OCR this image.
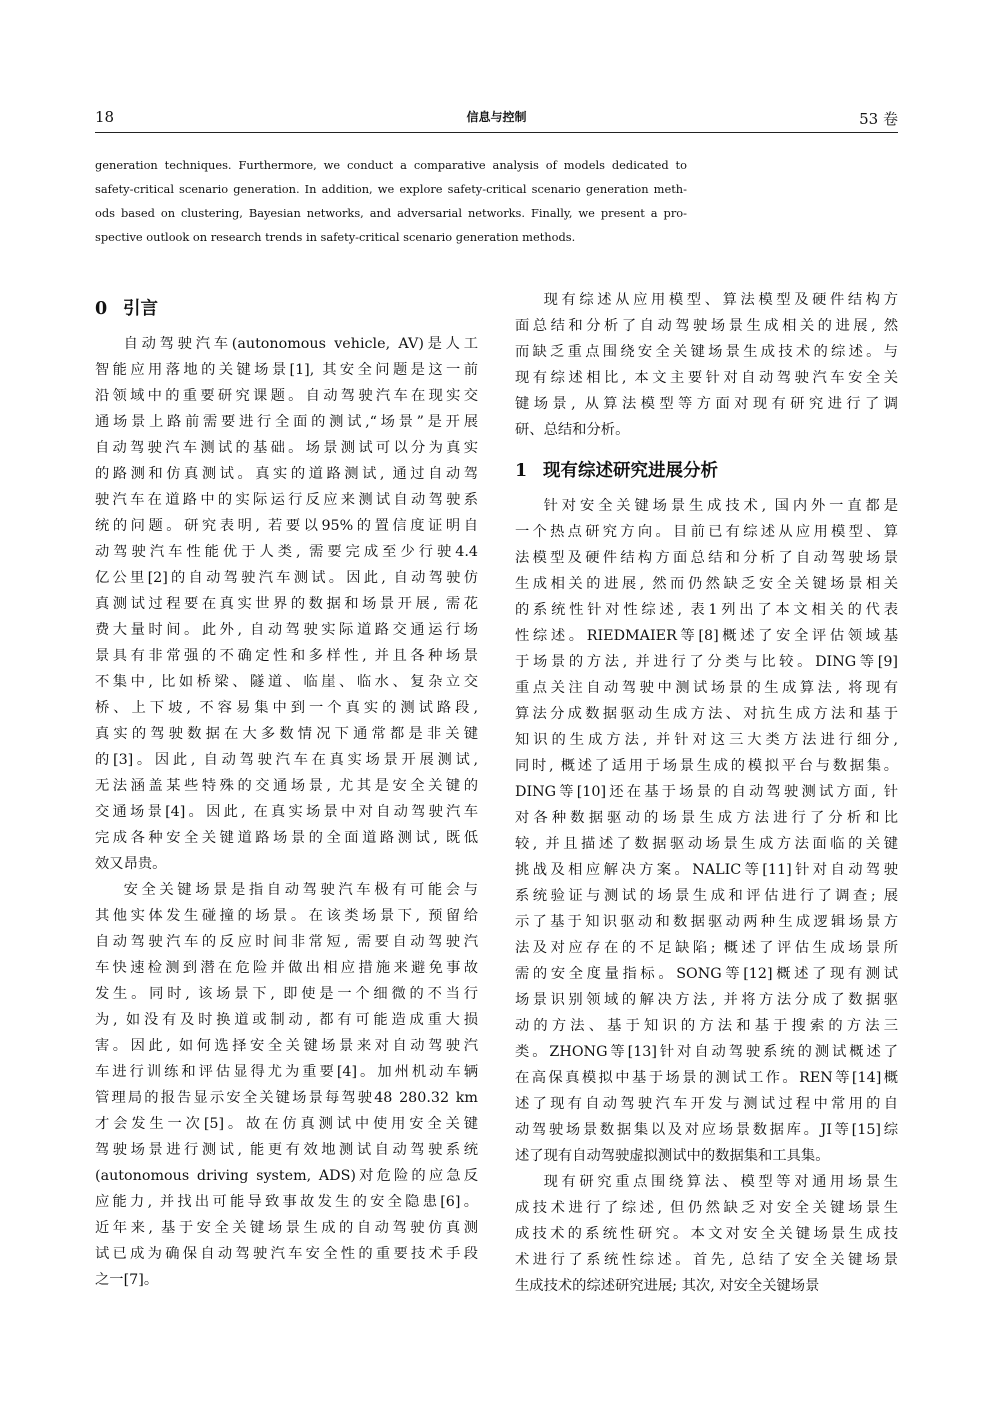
18	信息与控制	53 卷
generation techniques. Furthermore, we conduct a comparative analysis of models dedicated to
safety-critical scenario generation. In addition, we explore safety-critical scenario generation meth-
ods based on clustering, Bayesian networks, and adversarial networks. Finally, we present a pro-
spective outlook on research trends in safety-critical scenario generation methods.
0 引言
自动驾驶汽车(autonomous vehicle, AV)是人工
智能应用落地的关键场景[1], 其安全问题是这一前
沿领域中的重要研究课题。自动驾驶汽车在现实交
通场景上路前需要进行全面的测试,“场景”是开展
自动驾驶汽车测试的基础。场景测试可以分为真实
的路测和仿真测试。真实的道路测试, 通过自动驾
驶汽车在道路中的实际运行反应来测试自动驾驶系
统的问题。研究表明, 若要以95%的置信度证明自
动驾驶汽车性能优于人类, 需要完成至少行驶4.4
亿公里[2]的自动驾驶汽车测试。因此, 自动驾驶仿
真测试过程要在真实世界的数据和场景开展, 需花
费大量时间。此外, 自动驾驶实际道路交通运行场
景具有非常强的不确定性和多样性, 并且各种场景
不集中, 比如桥梁、隧道、临崖、临水、复杂立交
桥、上下坡, 不容易集中到一个真实的测试路段,
真实的驾驶数据在大多数情况下通常都是非关键
的[3]。因此, 自动驾驶汽车在真实场景开展测试,
无法涵盖某些特殊的交通场景, 尤其是安全关键的
交通场景[4]。因此, 在真实场景中对自动驾驶汽车
完成各种安全关键道路场景的全面道路测试, 既低
效又昂贵。
安全关键场景是指自动驾驶汽车极有可能会与
其他实体发生碰撞的场景。在该类场景下, 预留给
自动驾驶汽车的反应时间非常短, 需要自动驾驶汽
车快速检测到潜在危险并做出相应措施来避免事故
发生。同时, 该场景下, 即使是一个细微的不当行
为, 如没有及时换道或制动, 都有可能造成重大损
害。因此, 如何选择安全关键场景来对自动驾驶汽
车进行训练和评估显得尤为重要[4]。加州机动车辆
管理局的报告显示安全关键场景每驾驶48 280.32 km
才会发生一次[5]。故在仿真测试中使用安全关键
驾驶场景进行测试, 能更有效地测试自动驾驶系统
(autonomous driving system, ADS)对危险的应急反
应能力, 并找出可能导致事故发生的安全隐患[6]。
近年来, 基于安全关键场景生成的自动驾驶仿真测
试已成为确保自动驾驶汽车安全性的重要技术手段
之一[7]。
现有综述从应用模型、算法模型及硬件结构方
面总结和分析了自动驾驶场景生成相关的进展, 然
而缺乏重点围绕安全关键场景生成技术的综述。与
现有综述相比, 本文主要针对自动驾驶汽车安全关
键场景, 从算法模型等方面对现有研究进行了调
研、总结和分析。
1 现有综述研究进展分析
针对安全关键场景生成技术, 国内外一直都是
一个热点研究方向。目前已有综述从应用模型、算
法模型及硬件结构方面总结和分析了自动驾驶场景
生成相关的进展, 然而仍然缺乏安全关键场景相关
的系统性针对性综述, 表1列出了本文相关的代表
性综述。RIEDMAIER等[8]概述了安全评估领域基
于场景的方法, 并进行了分类与比较。DING等[9]
重点关注自动驾驶中测试场景的生成算法, 将现有
算法分成数据驱动生成方法、对抗生成方法和基于
知识的生成方法, 并针对这三大类方法进行细分,
同时, 概述了适用于场景生成的模拟平台与数据集。
DING等[10]还在基于场景的自动驾驶测试方面, 针
对各种数据驱动的场景生成方法进行了分析和比
较, 并且描述了数据驱动场景生成方法面临的关键
挑战及相应解决方案。NALIC等[11]针对自动驾驶
系统验证与测试的场景生成和评估进行了调查; 展
示了基于知识驱动和数据驱动两种生成逻辑场景方
法及对应存在的不足缺陷; 概述了评估生成场景所
需的安全度量指标。SONG等[12]概述了现有测试
场景识别领域的解决方法, 并将方法分成了数据驱
动的方法、基于知识的方法和基于搜索的方法三
类。ZHONG等[13]针对自动驾驶系统的测试概述了
在高保真模拟中基于场景的测试工作。REN等[14]概
述了现有自动驾驶汽车开发与测试过程中常用的自
动驾驶场景数据集以及对应场景数据库。JI等[15]综
述了现有自动驾驶虚拟测试中的数据集和工具集。
现有研究重点围绕算法、模型等对通用场景生
成技术进行了综述, 但仍然缺乏对安全关键场景生
成技术的系统性研究。本文对安全关键场景生成技
术进行了系统性综述。首先, 总结了安全关键场景
生成技术的综述研究进展; 其次, 对安全关键场景
